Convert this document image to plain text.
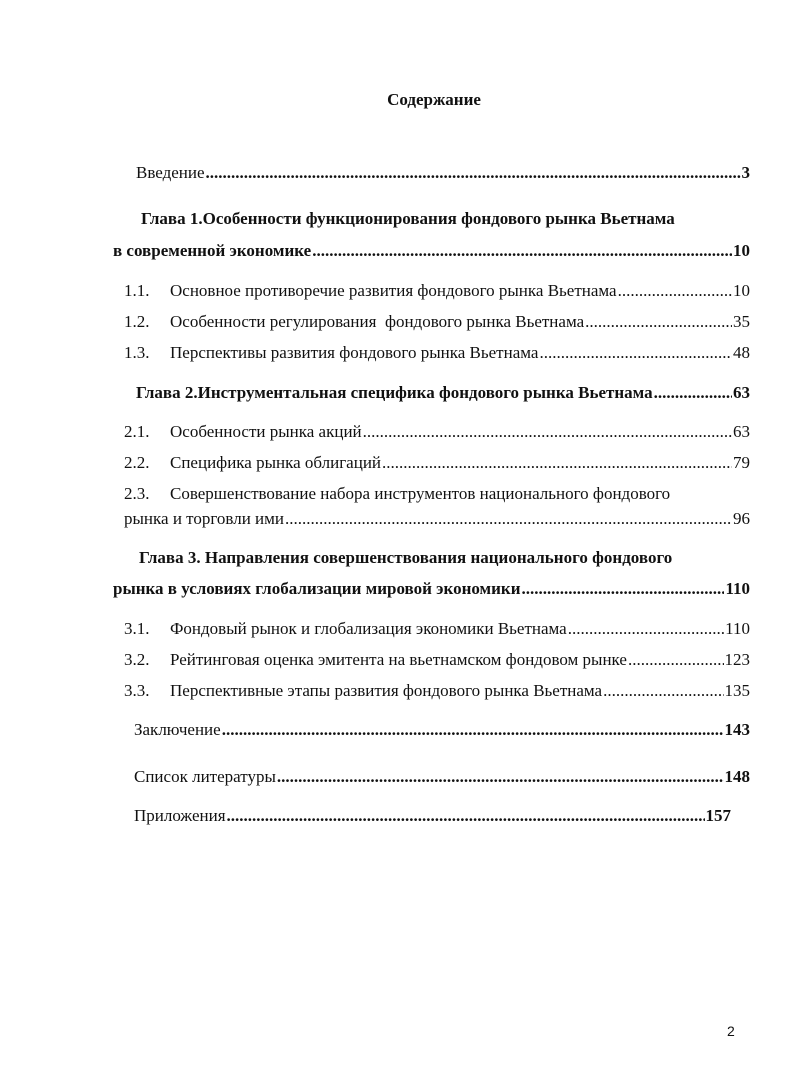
Содержание
Введение .....	3
Глава 1.Особенности функционирования фондового рынка Вьетнама
в современной экономике .....	10
1.1. Основное противоречие развития фондового рынка Вьетнама .....	10
1.2. Особенности регулирования  фондового рынка Вьетнама .....	35
1.3. Перспективы развития фондового рынка Вьетнама .....	48
Глава 2.Инструментальная специфика фондового рынка Вьетнама .....	63
2.1. Особенности рынка акций .....	63
2.2. Специфика рынка облигаций .....	79
2.3. Совершенствование набора инструментов национального фондового
рынка и торговли ими .....	96
Глава 3. Направления совершенствования национального фондового
рынка в условиях глобализации мировой экономики .....	110
3.1. Фондовый рынок и глобализация экономики Вьетнама .....	110
3.2. Рейтинговая оценка эмитента на вьетнамском фондовом рынке .....	123
3.3. Перспективные этапы развития фондового рынка Вьетнама .....	135
Заключение .....	143
Список литературы .....	148
Приложения .....	157
2
